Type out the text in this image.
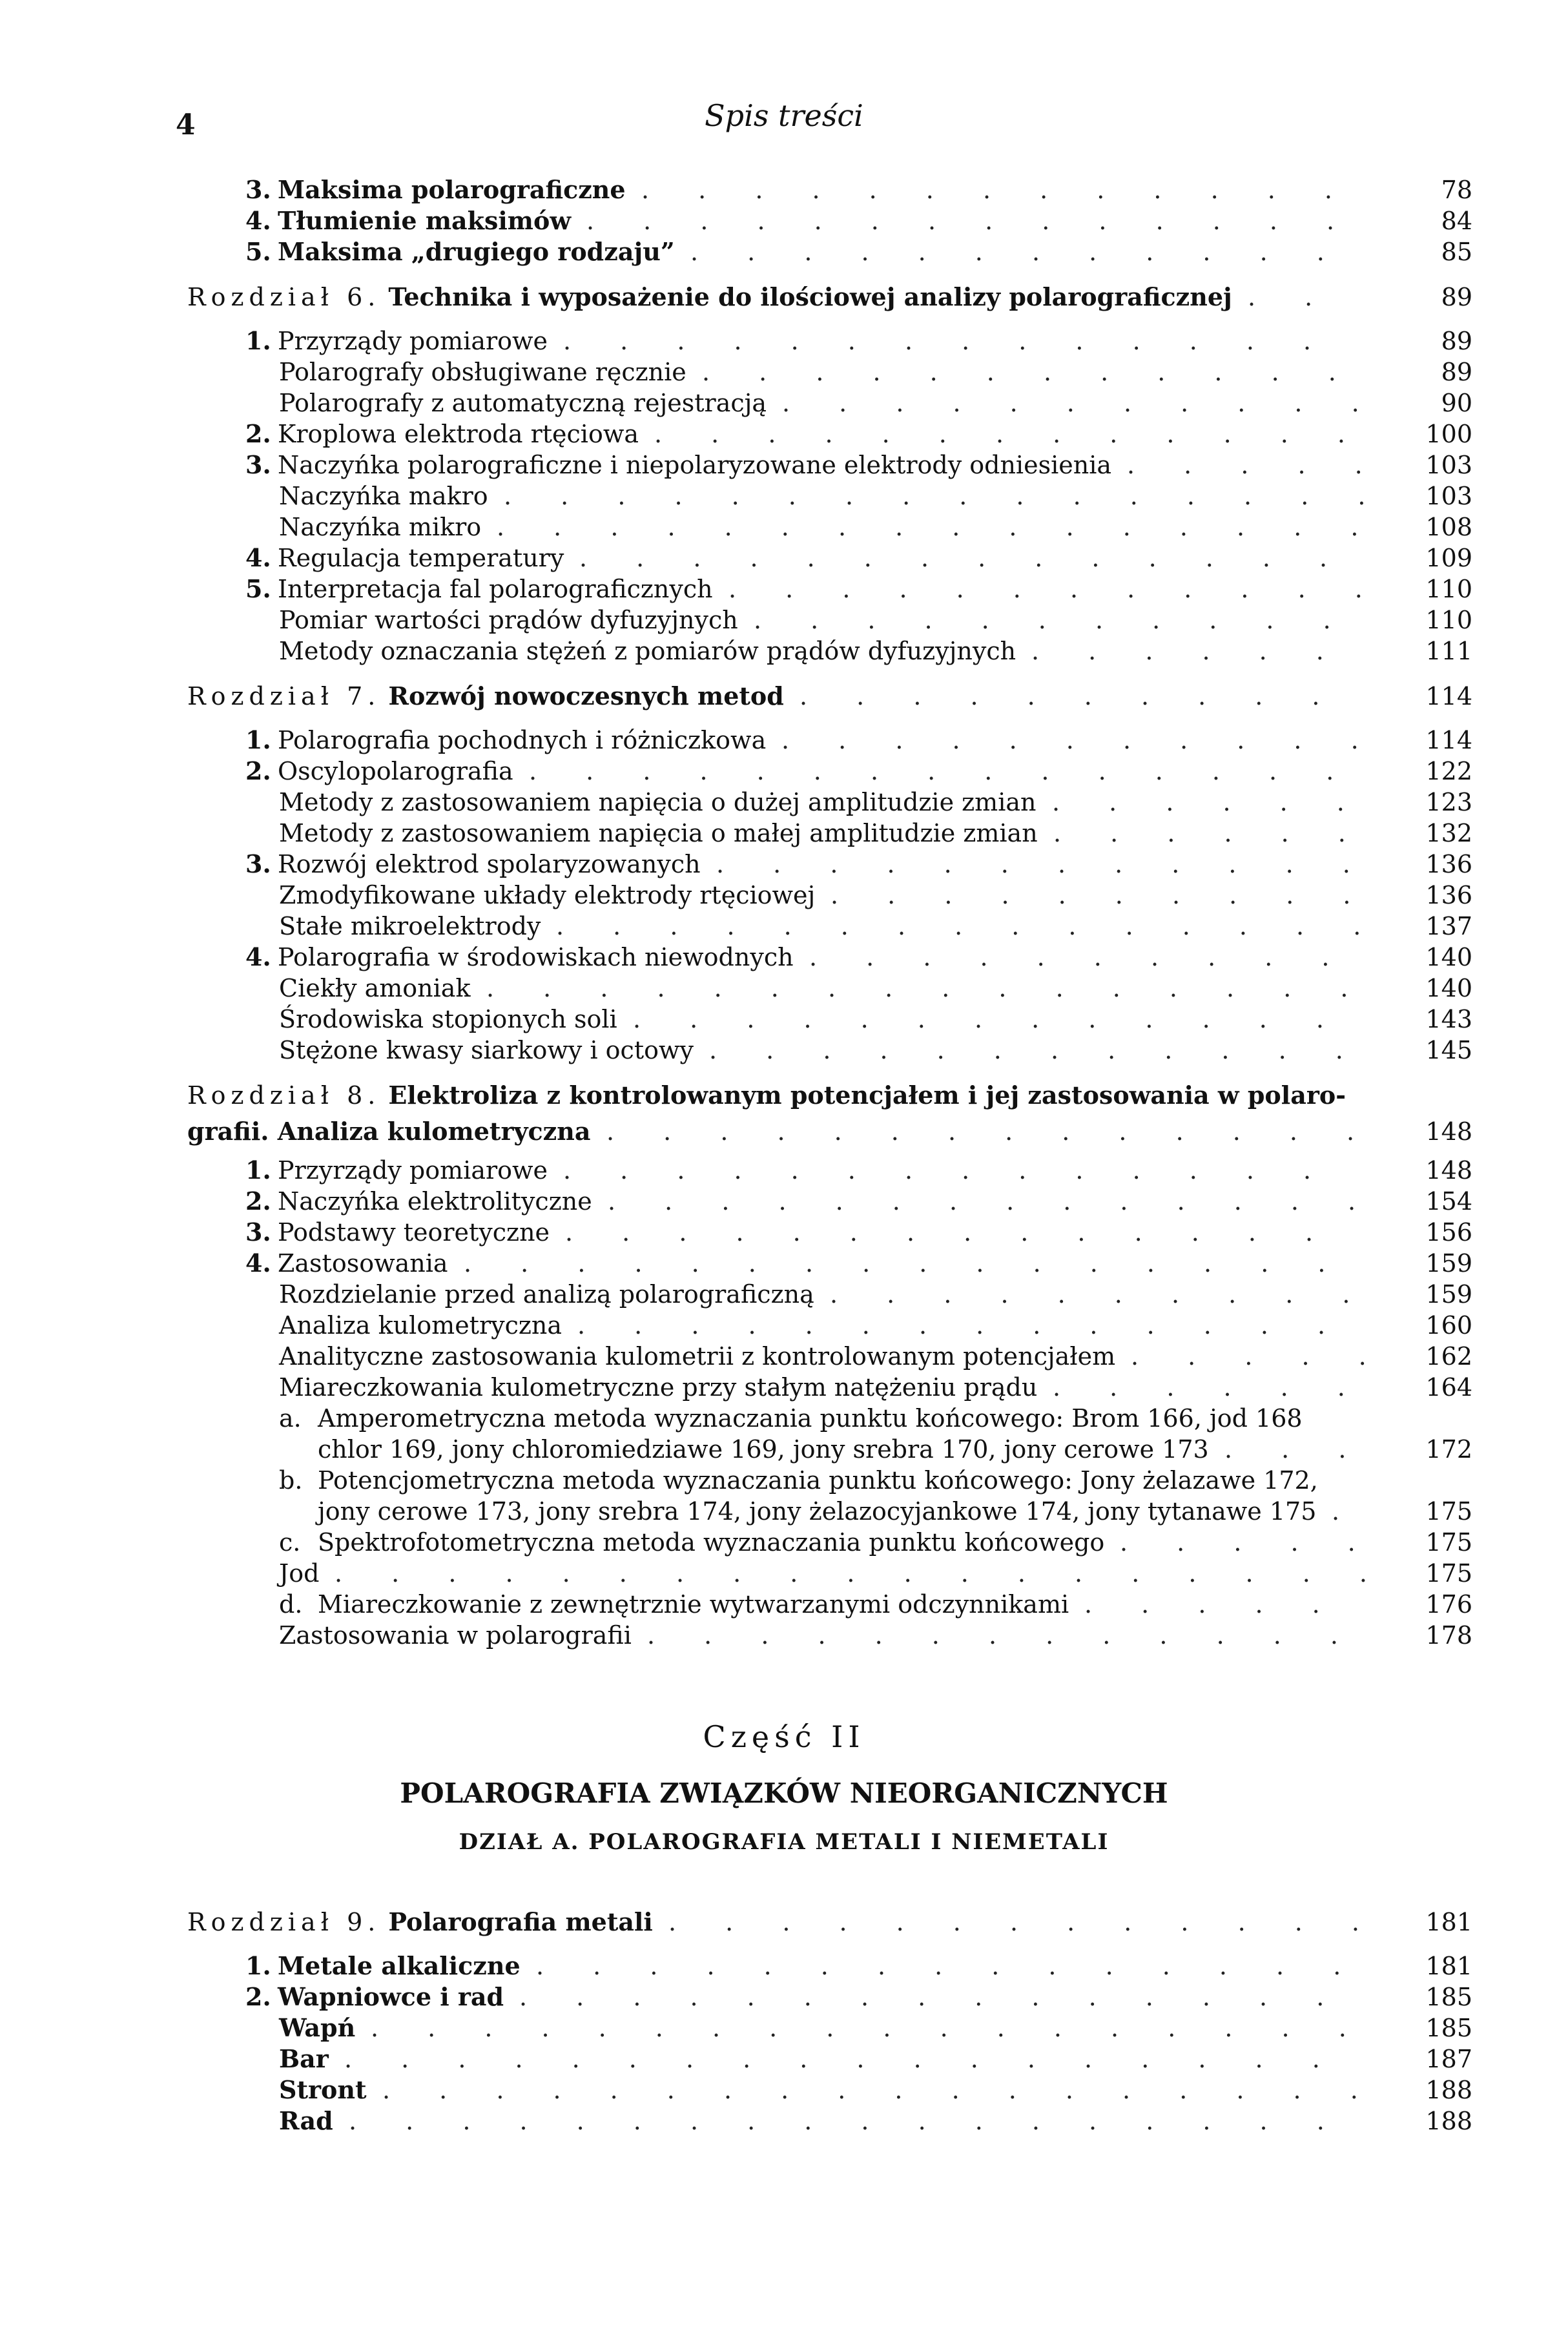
4	Spis treści
3. Maksima polarograficzne . . . . . . . . . . . . .	78
4. Tłumienie maksimów . . . . . . . . . . . . . .	84
5. Maksima „drugiego rodzaju” . . . . . . . . . . . .	85
Rozdział 6. Technika i wyposażenie do ilościowej analizy polarograficznej . .	89
1. Przyrządy pomiarowe . . . . . . . . . . . . . .	89
Polarografy obsługiwane ręcznie . . . . . . . . . . . .	89
Polarografy z automatyczną rejestracją . . . . . . . . . . .	90
2. Kroplowa elektroda rtęciowa . . . . . . . . . . . . .	100
3. Naczyńka polarograficzne i niepolaryzowane elektrody odniesienia . . . . .	103
Naczyńka makro . . . . . . . . . . . . . . . .	103
Naczyńka mikro . . . . . . . . . . . . . . . .	108
4. Regulacja temperatury . . . . . . . . . . . . . .	109
5. Interpretacja fal polarograficznych . . . . . . . . . . . .	110
Pomiar wartości prądów dyfuzyjnych . . . . . . . . . . .	110
Metody oznaczania stężeń z pomiarów prądów dyfuzyjnych . . . . . .	111
Rozdział 7. Rozwój nowoczesnych metod . . . . . . . . . .	114
1. Polarografia pochodnych i różniczkowa . . . . . . . . . . .	114
2. Oscylopolarografia . . . . . . . . . . . . . . .	122
Metody z zastosowaniem napięcia o dużej amplitudzie zmian . . . . . .	123
Metody z zastosowaniem napięcia o małej amplitudzie zmian . . . . . .	132
3. Rozwój elektrod spolaryzowanych . . . . . . . . . . . .	136
Zmodyfikowane układy elektrody rtęciowej . . . . . . . . . .	136
Stałe mikroelektrody . . . . . . . . . . . . . . .	137
4. Polarografia w środowiskach niewodnych . . . . . . . . . .	140
Ciekły amoniak . . . . . . . . . . . . . . . .	140
Środowiska stopionych soli . . . . . . . . . . . . .	143
Stężone kwasy siarkowy i octowy . . . . . . . . . . . .	145
Rozdział 8. Elektroliza z kontrolowanym potencjałem i jej zastosowania w polaro-
grafii. Analiza kulometryczna . . . . . . . . . . . . . .	148
1. Przyrządy pomiarowe . . . . . . . . . . . . . .	148
2. Naczyńka elektrolityczne . . . . . . . . . . . . . .	154
3. Podstawy teoretyczne . . . . . . . . . . . . . .	156
4. Zastosowania . . . . . . . . . . . . . . . .	159
Rozdzielanie przed analizą polarograficzną . . . . . . . . . .	159
Analiza kulometryczna . . . . . . . . . . . . . .	160
Analityczne zastosowania kulometrii z kontrolowanym potencjałem . . . . .	162
Miareczkowania kulometryczne przy stałym natężeniu prądu . . . . . .	164
a. Amperometryczna metoda wyznaczania punktu końcowego: Brom 166, jod 168
chlor 169, jony chloromiedziawe 169, jony srebra 170, jony cerowe 173 . . .	172
b. Potencjometryczna metoda wyznaczania punktu końcowego: Jony żelazawe 172,
jony cerowe 173, jony srebra 174, jony żelazocyjankowe 174, jony tytanawe 175 .	175
c. Spektrofotometryczna metoda wyznaczania punktu końcowego . . . . .	175
Jod . . . . . . . . . . . . . . . . . . .	175
d. Miareczkowanie z zewnętrznie wytwarzanymi odczynnikami . . . . .	176
Zastosowania w polarografii . . . . . . . . . . . . .	178
Część II
POLAROGRAFIA ZWIĄZKÓW NIEORGANICZNYCH
DZIAŁ A. POLAROGRAFIA METALI I NIEMETALI
Rozdział 9. Polarografia metali . . . . . . . . . . . . .	181
1. Metale alkaliczne . . . . . . . . . . . . . . .	181
2. Wapniowce i rad . . . . . . . . . . . . . . .	185
Wapń . . . . . . . . . . . . . . . . . .	185
Bar . . . . . . . . . . . . . . . . . .	187
Stront . . . . . . . . . . . . . . . . . .	188
Rad . . . . . . . . . . . . . . . . . .	188
